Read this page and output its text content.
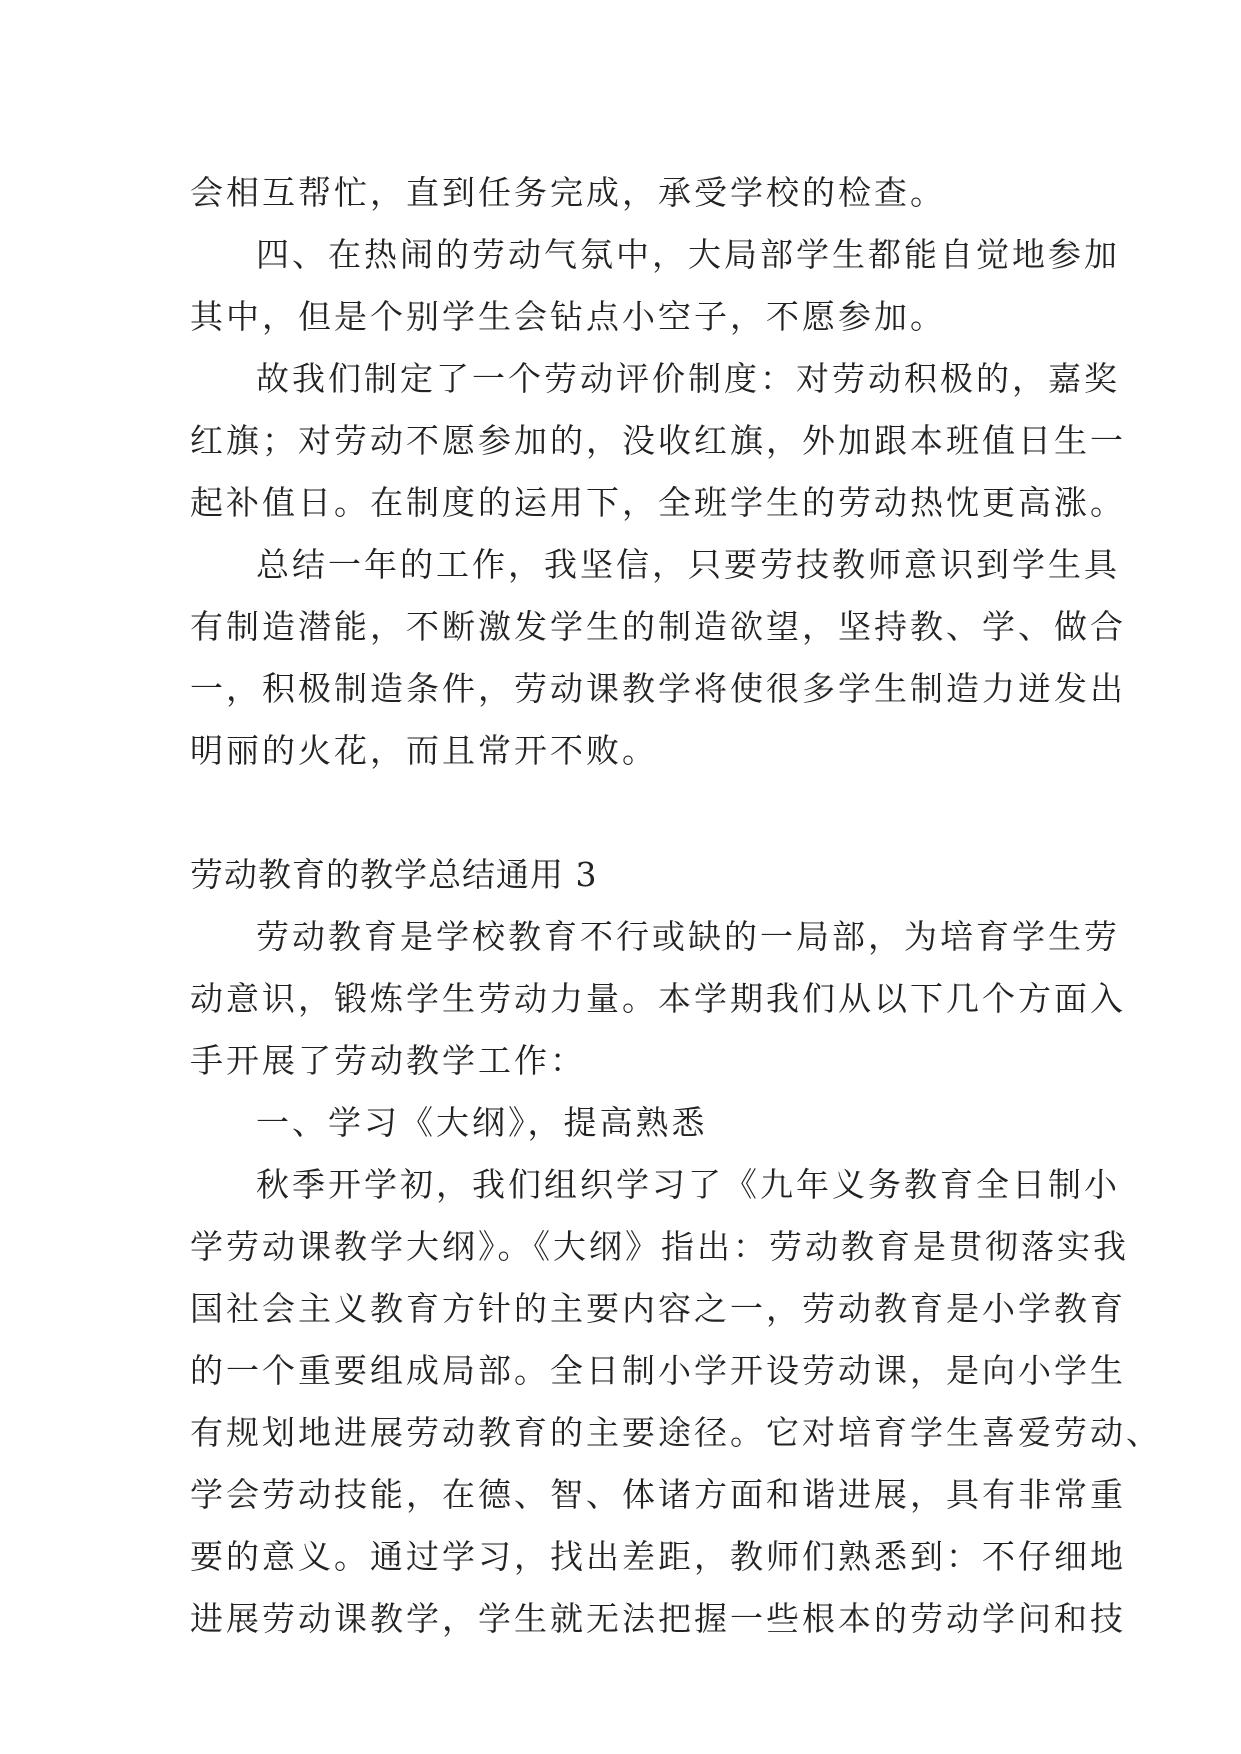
会相互帮忙，直到任务完成，承受学校的检查。
四、在热闹的劳动气氛中，大局部学生都能自觉地参加
其中，但是个别学生会钻点小空子，不愿参加。
故我们制定了一个劳动评价制度：对劳动积极的，嘉奖
红旗；对劳动不愿参加的，没收红旗，外加跟本班值日生一
起补值日。在制度的运用下，全班学生的劳动热忱更高涨。
总结一年的工作，我坚信，只要劳技教师意识到学生具
有制造潜能，不断激发学生的制造欲望，坚持教、学、做合
一，积极制造条件，劳动课教学将使很多学生制造力迸发出
明丽的火花，而且常开不败。
劳动教育的教学总结通用 3
劳动教育是学校教育不行或缺的一局部，为培育学生劳
动意识，锻炼学生劳动力量。本学期我们从以下几个方面入
手开展了劳动教学工作：
一、学习《大纲》，提高熟悉
秋季开学初，我们组织学习了《九年义务教育全日制小
学劳动课教学大纲》。《大纲》指出：劳动教育是贯彻落实我
国社会主义教育方针的主要内容之一，劳动教育是小学教育
的一个重要组成局部。全日制小学开设劳动课，是向小学生
有规划地进展劳动教育的主要途径。它对培育学生喜爱劳动、
学会劳动技能，在德、智、体诸方面和谐进展，具有非常重
要的意义。通过学习，找出差距，教师们熟悉到：不仔细地
进展劳动课教学，学生就无法把握一些根本的劳动学问和技
